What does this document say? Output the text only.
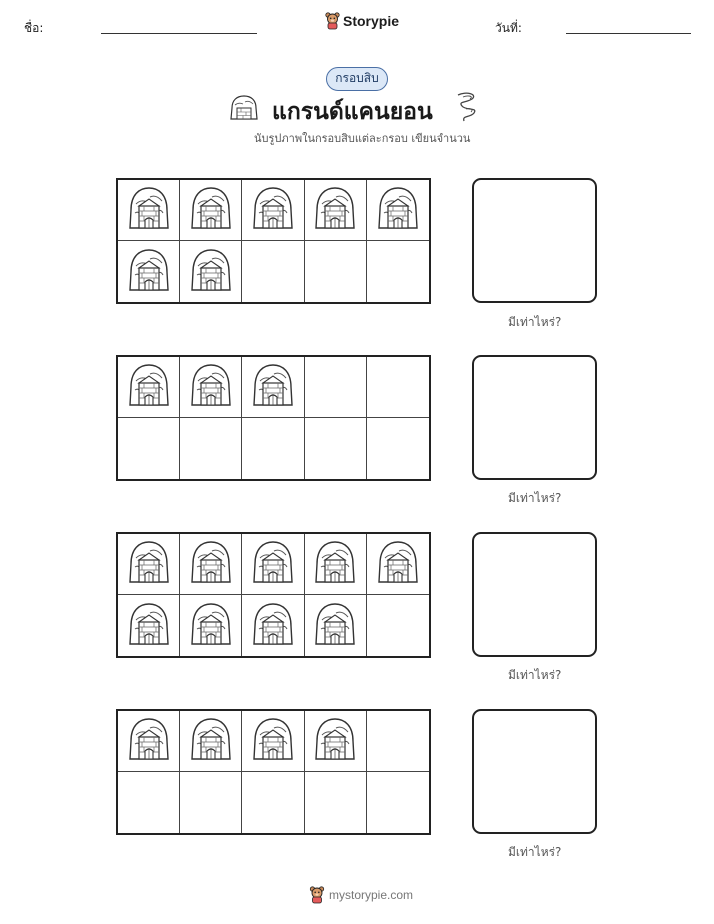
ชื่อ:	Storypie	วันที่:
กรอบสิบ
แกรนด์แคนยอน
นับรูปภาพในกรอบสิบแต่ละกรอบ เขียนจำนวน
มีเท่าไหร่?
มีเท่าไหร่?
มีเท่าไหร่?
มีเท่าไหร่?
mystorypie.com
